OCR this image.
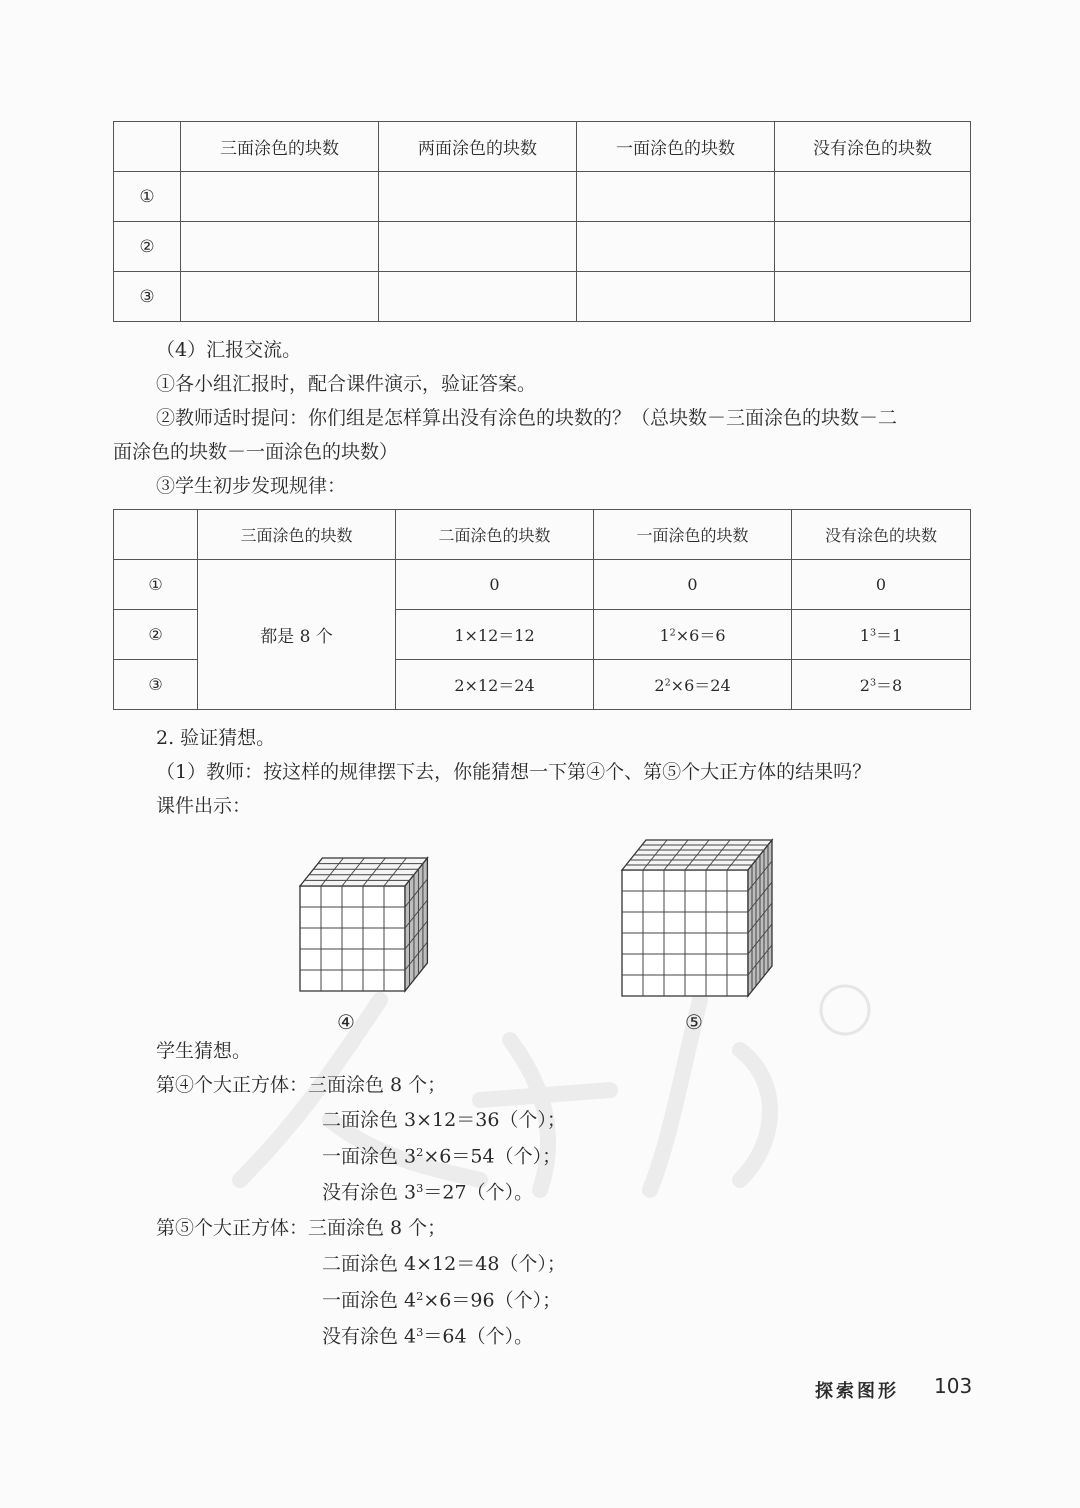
	三面涂色的块数	两面涂色的块数	一面涂色的块数	没有涂色的块数
①				
②				
③				
（4）汇报交流。
①各小组汇报时，配合课件演示，验证答案。
②教师适时提问：你们组是怎样算出没有涂色的块数的？（总块数－三面涂色的块数－二
面涂色的块数－一面涂色的块数）
③学生初步发现规律：
	三面涂色的块数	二面涂色的块数	一面涂色的块数	没有涂色的块数
①	都是 8 个	0	0	0
②		1×12＝12	$1^2\times 6=6$	$1^3=1$
③		2×12＝24	$2^2\times 6=24$	$2^3=8$
2. 验证猜想。
（1）教师：按这样的规律摆下去，你能猜想一下第④个、第⑤个大正方体的结果吗？
课件出示：
④	⑤
学生猜想。
第④个大正方体：三面涂色 8 个；
二面涂色 3×12＝36（个）；
一面涂色 $3^2\times 6=54$（个）；
没有涂色 $3^3=27$（个）。
第⑤个大正方体：三面涂色 8 个；
二面涂色 4×12＝48（个）；
一面涂色 $4^2\times 6=96$（个）；
没有涂色 $4^3=64$（个）。
探索图形 103
